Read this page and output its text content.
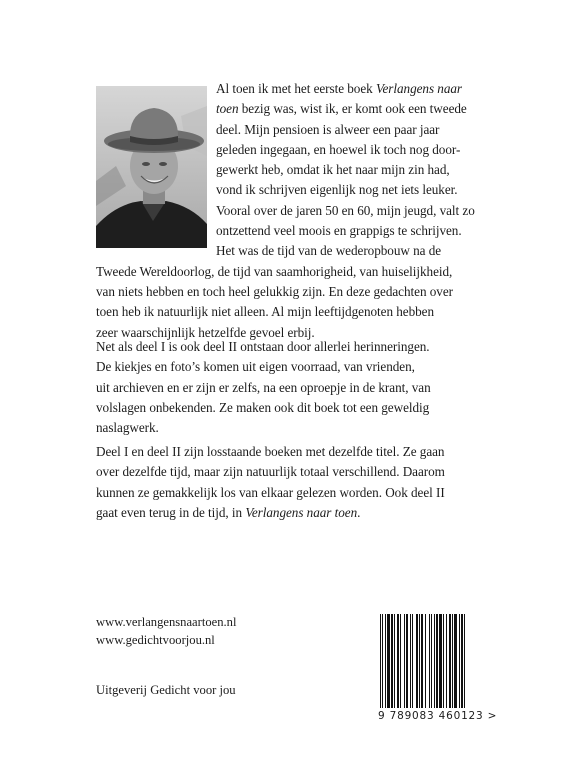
Al toen ik met het eerste boek Verlangens naar
toen bezig was, wist ik, er komt ook een tweede
deel. Mijn pensioen is alweer een paar jaar
geleden ingegaan, en hoewel ik toch nog door-
gewerkt heb, omdat ik het naar mijn zin had,
vond ik schrijven eigenlijk nog net iets leuker.
Vooral over de jaren 50 en 60, mijn jeugd, valt zo
ontzettend veel moois en grappigs te schrijven.
Het was de tijd van de wederopbouw na de
Tweede Wereldoorlog, de tijd van saamhorigheid, van huiselijkheid,
van niets hebben en toch heel gelukkig zijn. En deze gedachten over
toen heb ik natuurlijk niet alleen. Al mijn leeftijdgenoten hebben
zeer waarschijnlijk hetzelfde gevoel erbij.
Net als deel I is ook deel II ontstaan door allerlei herinneringen.
De kiekjes en foto’s komen uit eigen voorraad, van vrienden,
uit archieven en er zijn er zelfs, na een oproepje in de krant, van
volslagen onbekenden. Ze maken ook dit boek tot een geweldig
naslagwerk.
Deel I en deel II zijn losstaande boeken met dezelfde titel. Ze gaan
over dezelfde tijd, maar zijn natuurlijk totaal verschillend. Daarom
kunnen ze gemakkelijk los van elkaar gelezen worden. Ook deel II
gaat even terug in de tijd, in Verlangens naar toen.
www.verlangensnaartoen.nl
www.gedichtvoorjou.nl
Uitgeverij Gedicht voor jou
9 789083 460123 >
